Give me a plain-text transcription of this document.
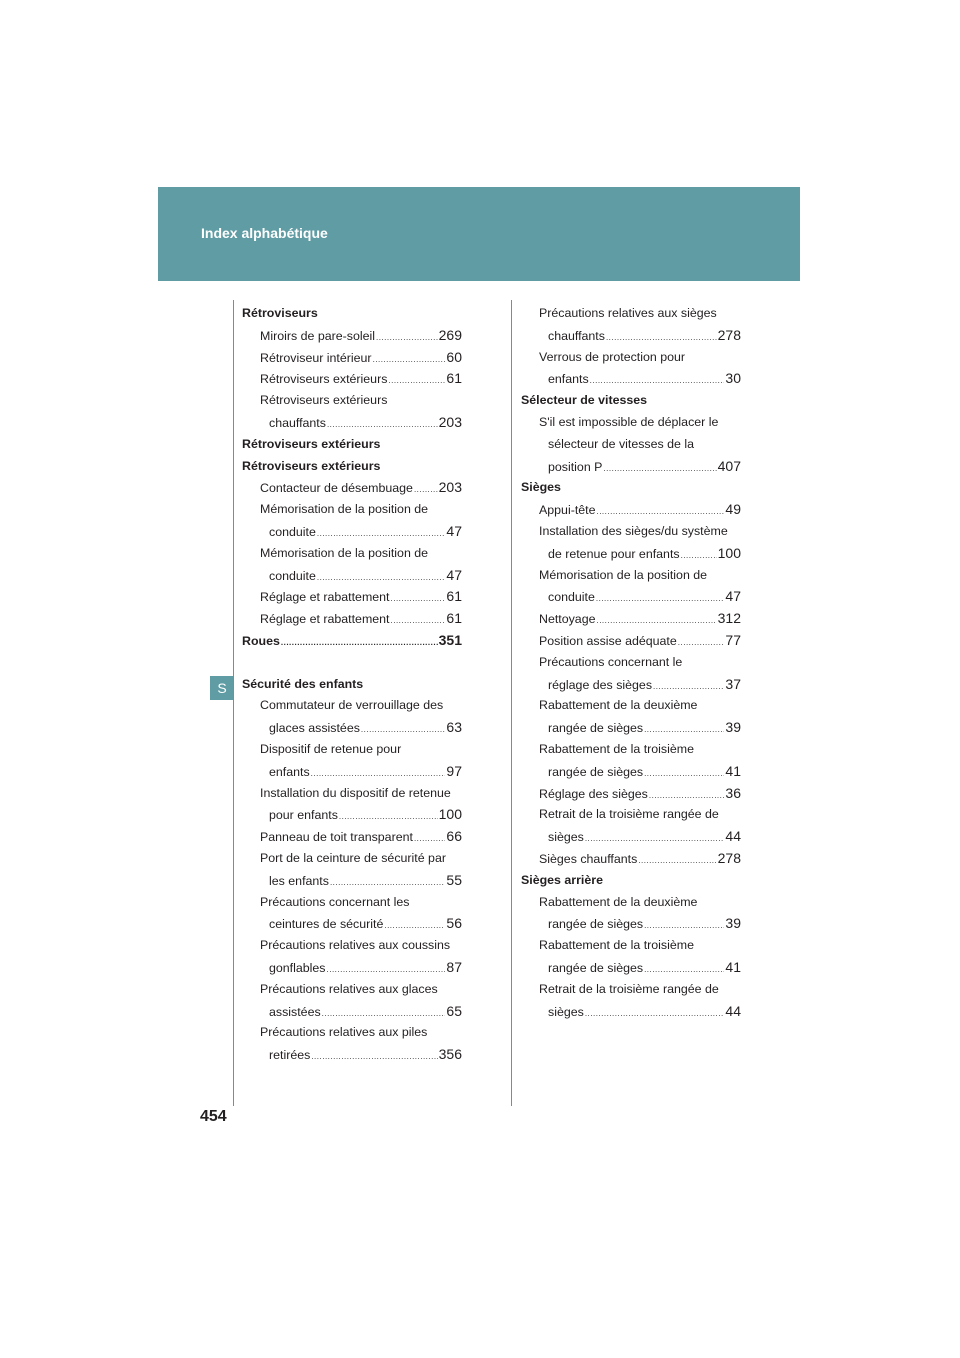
Index alphabétique
S
Rétroviseurs
Miroirs de pare-soleil .....	269
Rétroviseur intérieur .....	60
Rétroviseurs extérieurs .....	61
Rétroviseurs extérieurs
chauffants .....	203
Rétroviseurs extérieurs
Rétroviseurs extérieurs
Contacteur de désembuage ..... 203
Mémorisation de la position de
conduite .....	47
Mémorisation de la position de
conduite .....	47
Réglage et rabattement .....	61
Réglage et rabattement .....	61
Roues .....	351
Sécurité des enfants
Commutateur de verrouillage des
glaces assistées .....	63
Dispositif de retenue pour
enfants .....	97
Installation du dispositif de retenue
pour enfants .....	100
Panneau de toit transparent ..... 66
Port de la ceinture de sécurité par
les enfants .....	55
Précautions concernant les
ceintures de sécurité .....	56
Précautions relatives aux coussins
gonflables .....	87
Précautions relatives aux glaces
assistées .....	65
Précautions relatives aux piles
retirées .....	356
Précautions relatives aux sièges
chauffants .....	278
Verrous de protection pour
enfants .....	30
Sélecteur de vitesses
S'il est impossible de déplacer le
sélecteur de vitesses de la
position P .....	407
Sièges
Appui-tête .....	49
Installation des sièges/du système
de retenue pour enfants .....	100
Mémorisation de la position de
conduite .....	47
Nettoyage .....	312
Position assise adéquate .....	77
Précautions concernant le
réglage des sièges .....	37
Rabattement de la deuxième
rangée de sièges .....	39
Rabattement de la troisième
rangée de sièges .....	41
Réglage des sièges .....	36
Retrait de la troisième rangée de
sièges .....	44
Sièges chauffants .....	278
Sièges arrière
Rabattement de la deuxième
rangée de sièges .....	39
Rabattement de la troisième
rangée de sièges .....	41
Retrait de la troisième rangée de
sièges .....	44
454
